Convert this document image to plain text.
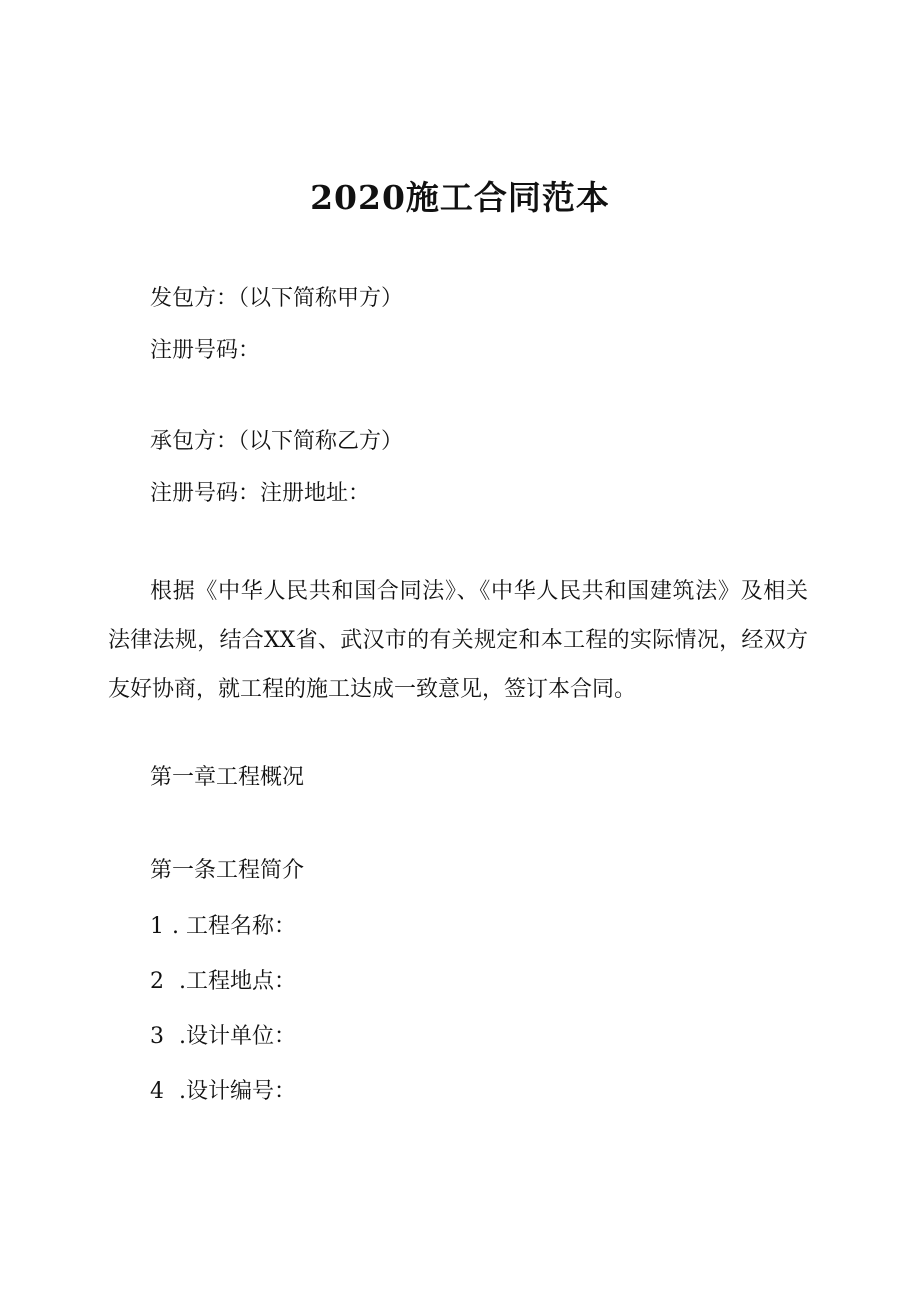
2020施工合同范本
发包方：（以下简称甲方）
注册号码：
承包方：（以下简称乙方）
注册号码：注册地址：

根据《中华人民共和国合同法》、《中华人民共和国建筑法》及相关法律法规，结合XX省、武汉市的有关规定和本工程的实际情况，经双方友好协商，就工程的施工达成一致意见，签订本合同。

第一章工程概况
第一条工程简介
1 . 工程名称：
2 .工程地点：
3 .设计单位：
4 .设计编号：
